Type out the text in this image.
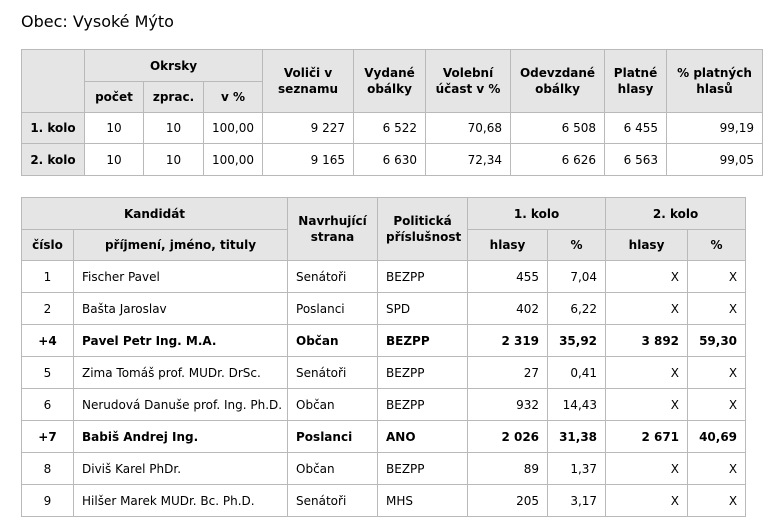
Obec: Vysoké Mýto
	Okrsky			Voliči v seznamu	Vydané obálky	Volební účast v %	Odevzdané obálky	Platné hlasy	% platných hlasů
	počet	zprac.	v %						
1. kolo	10	10	100,00	9 227	6 522	70,68	6 508	6 455	99,19
2. kolo	10	10	100,00	9 165	6 630	72,34	6 626	6 563	99,05
Kandidát		Navrhující strana	Politická příslušnost	1. kolo		2. kolo	
číslo	příjmení, jméno, tituly			hlasy	%	hlasy	%
1	Fischer Pavel	Senátoři	BEZPP	455	7,04	X	X
2	Bašta Jaroslav	Poslanci	SPD	402	6,22	X	X
+4	Pavel Petr Ing. M.A.	Občan	BEZPP	2 319	35,92	3 892	59,30
5	Zima Tomáš prof. MUDr. DrSc.	Senátoři	BEZPP	27	0,41	X	X
6	Nerudová Danuše prof. Ing. Ph.D.	Občan	BEZPP	932	14,43	X	X
+7	Babiš Andrej Ing.	Poslanci	ANO	2 026	31,38	2 671	40,69
8	Diviš Karel PhDr.	Občan	BEZPP	89	1,37	X	X
9	Hilšer Marek MUDr. Bc. Ph.D.	Senátoři	MHS	205	3,17	X	X
